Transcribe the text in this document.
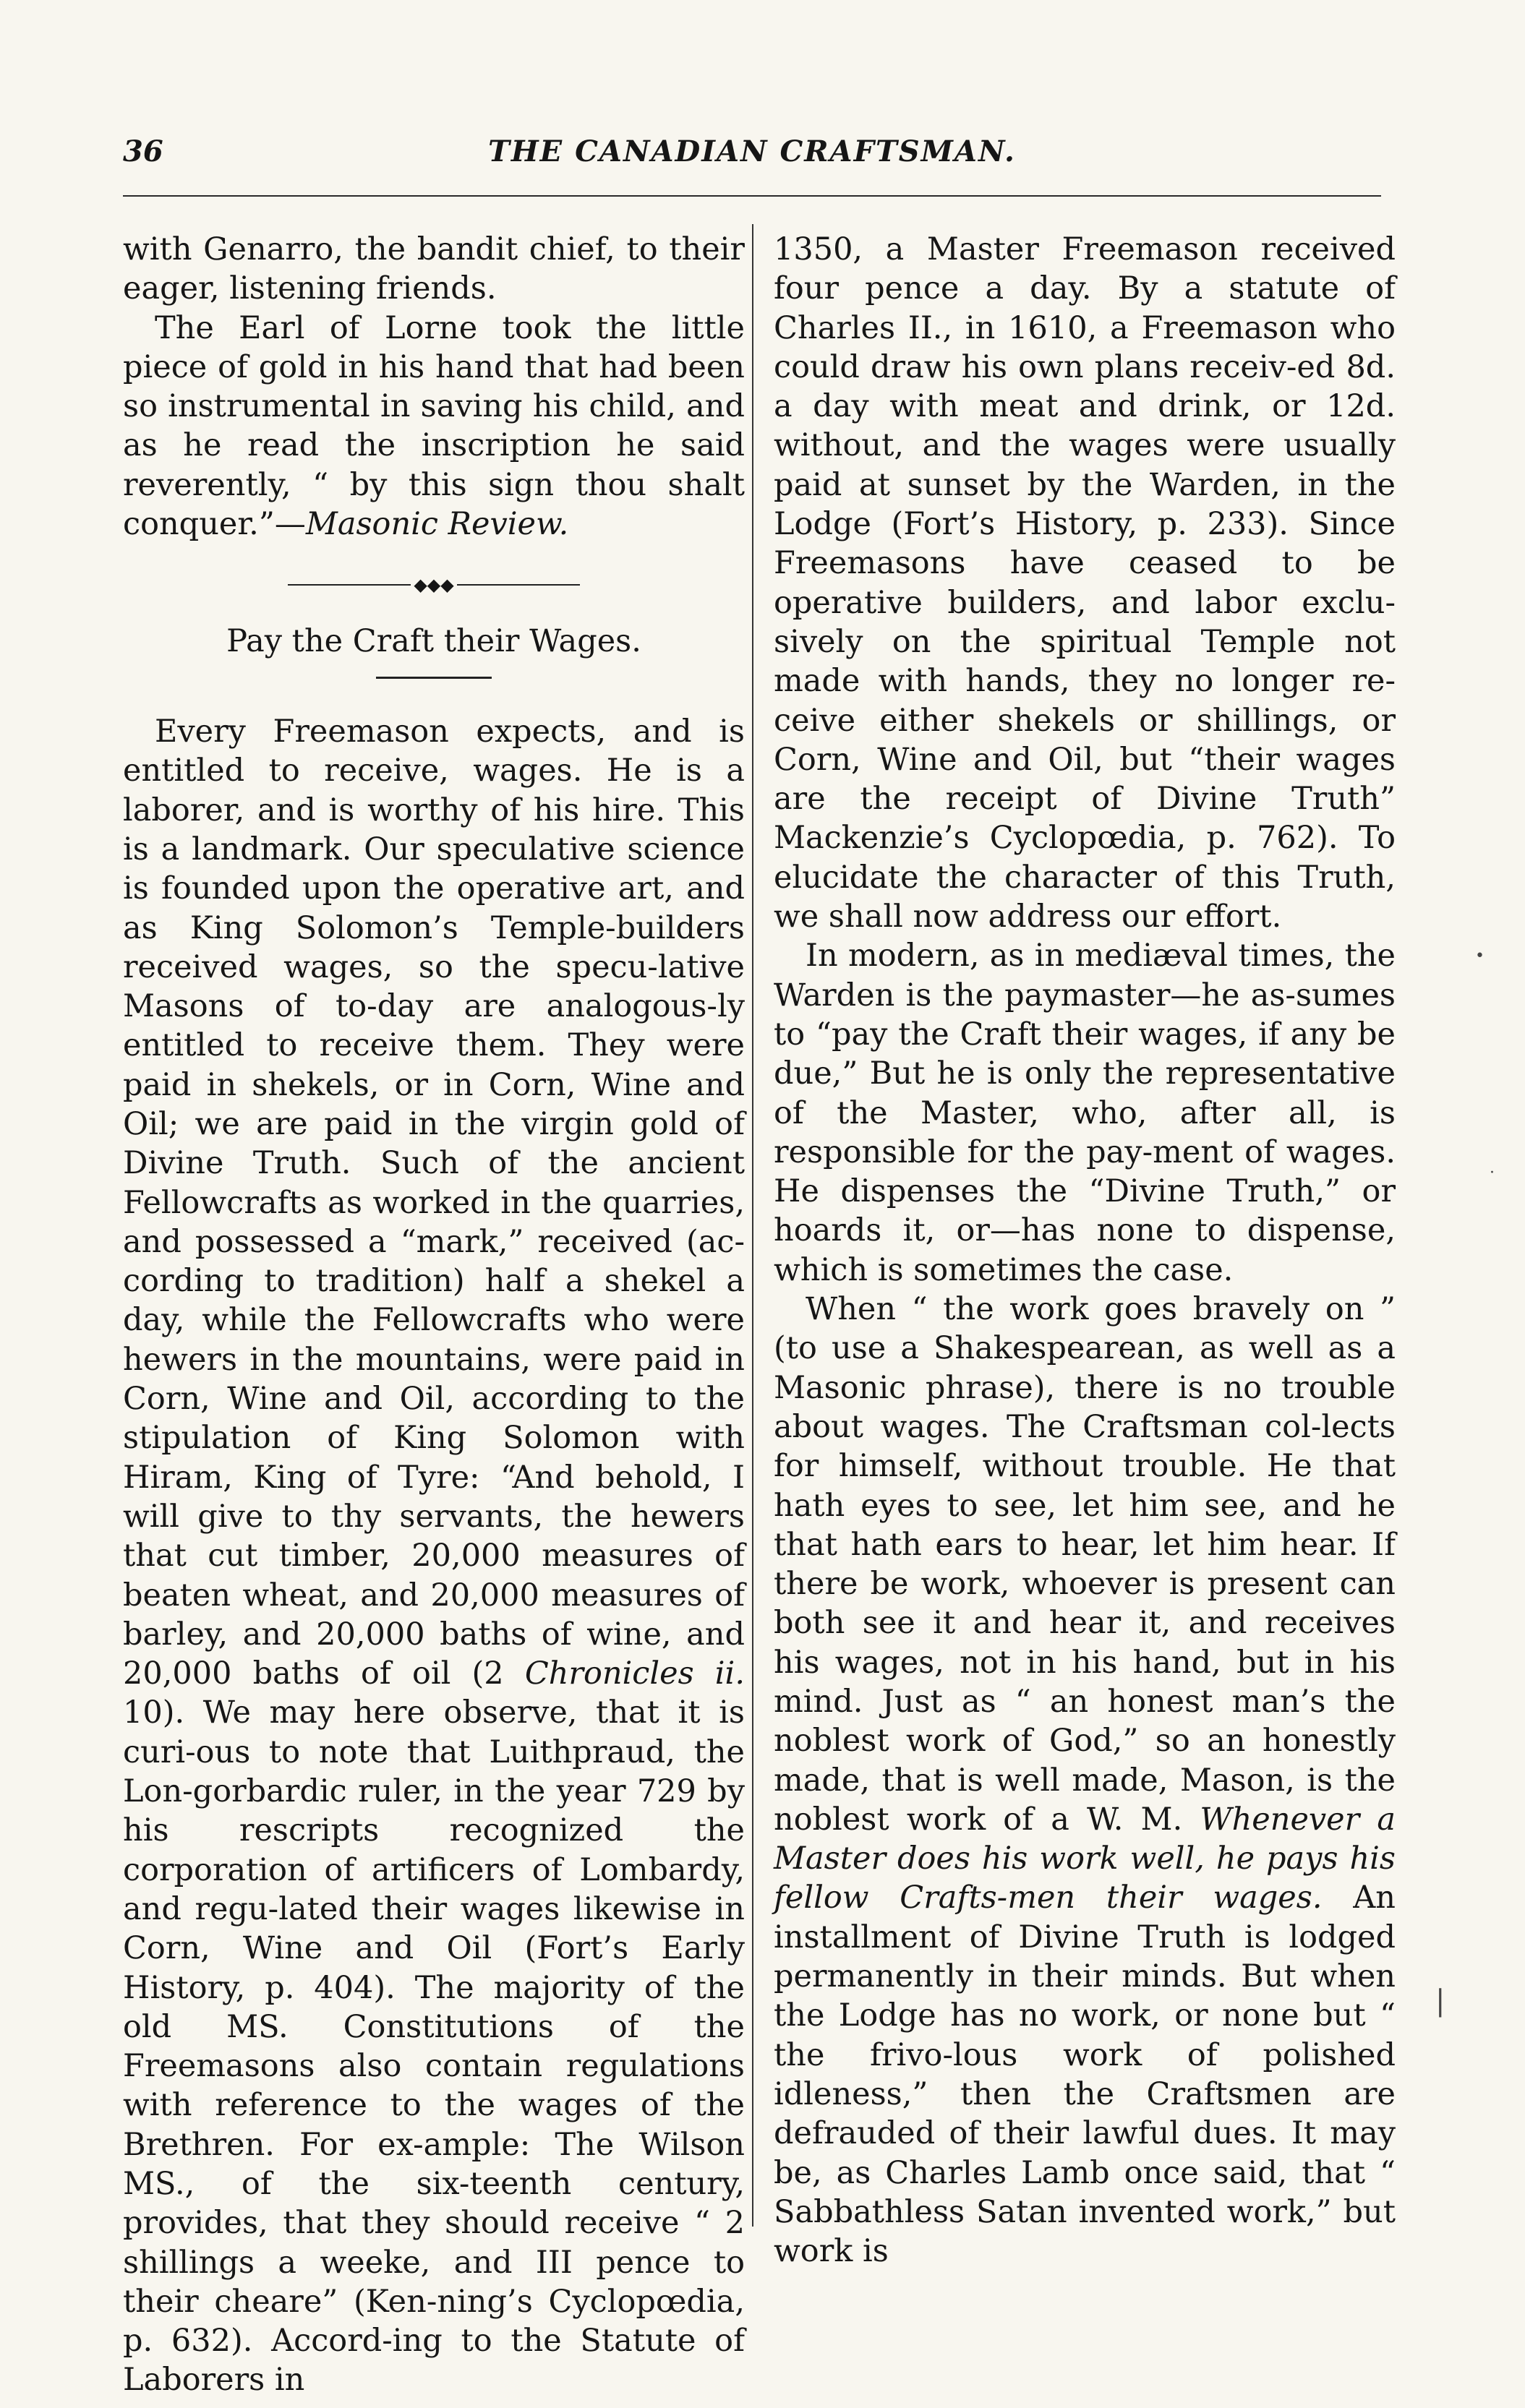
36	THE CANADIAN CRAFTSMAN.

with Genarro, the bandit chief, to their eager, listening friends.

The Earl of Lorne took the little piece of gold in his hand that had been so instrumental in saving his child, and as he read the inscription he said reverently, “ by this sign thou shalt conquer.”—Masonic Review.

◆◆◆
Pay the Craft their Wages.

Every Freemason expects, and is entitled to receive, wages. He is a laborer, and is worthy of his hire. This is a landmark. Our speculative science is founded upon the operative art, and as King Solomon’s Temple-builders received wages, so the specu-lative Masons of to-day are analogous-ly entitled to receive them. They were paid in shekels, or in Corn, Wine and Oil; we are paid in the virgin gold of Divine Truth. Such of the ancient Fellowcrafts as worked in the quarries, and possessed a “mark,” received (ac-cording to tradition) half a shekel a day, while the Fellowcrafts who were hewers in the mountains, were paid in Corn, Wine and Oil, according to the stipulation of King Solomon with Hiram, King of Tyre: “And behold, I will give to thy servants, the hewers that cut timber, 20,000 measures of beaten wheat, and 20,000 measures of barley, and 20,000 baths of wine, and 20,000 baths of oil (2 Chronicles ii. 10). We may here observe, that it is curi-ous to note that Luithpraud, the Lon-gorbardic ruler, in the year 729 by his rescripts recognized the corporation of artificers of Lombardy, and regu-lated their wages likewise in Corn, Wine and Oil (Fort’s Early History, p. 404). The majority of the old MS. Constitutions of the Freemasons also contain regulations with reference to the wages of the Brethren. For ex-ample: The Wilson MS., of the six-teenth century, provides, that they should receive “ 2 shillings a weeke, and III pence to their cheare” (Ken-ning’s Cyclopœdia, p. 632). Accord-ing to the Statute of Laborers in

1350, a Master Freemason received four pence a day. By a statute of Charles II., in 1610, a Freemason who could draw his own plans receiv-ed 8d. a day with meat and drink, or 12d. without, and the wages were usually paid at sunset by the Warden, in the Lodge (Fort’s History, p. 233). Since Freemasons have ceased to be operative builders, and labor exclu-sively on the spiritual Temple not made with hands, they no longer re-ceive either shekels or shillings, or Corn, Wine and Oil, but “their wages are the receipt of Divine Truth” Mackenzie’s Cyclopœdia, p. 762). To elucidate the character of this Truth, we shall now address our effort.

In modern, as in mediæval times, the Warden is the paymaster—he as-sumes to “pay the Craft their wages, if any be due,” But he is only the representative of the Master, who, after all, is responsible for the pay-ment of wages. He dispenses the “Divine Truth,” or hoards it, or—has none to dispense, which is sometimes the case.

When “ the work goes bravely on ” (to use a Shakespearean, as well as a Masonic phrase), there is no trouble about wages. The Craftsman col-lects for himself, without trouble. He that hath eyes to see, let him see, and he that hath ears to hear, let him hear. If there be work, whoever is present can both see it and hear it, and receives his wages, not in his hand, but in his mind. Just as “ an honest man’s the noblest work of God,” so an honestly made, that is well made, Mason, is the noblest work of a W. M. Whenever a Master does his work well, he pays his fellow Crafts-men their wages. An installment of Divine Truth is lodged permanently in their minds. But when the Lodge has no work, or none but “ the frivo-lous work of polished idleness,” then the Craftsmen are defrauded of their lawful dues. It may be, as Charles Lamb once said, that “ Sabbathless Satan invented work,” but work is

•
·
|
